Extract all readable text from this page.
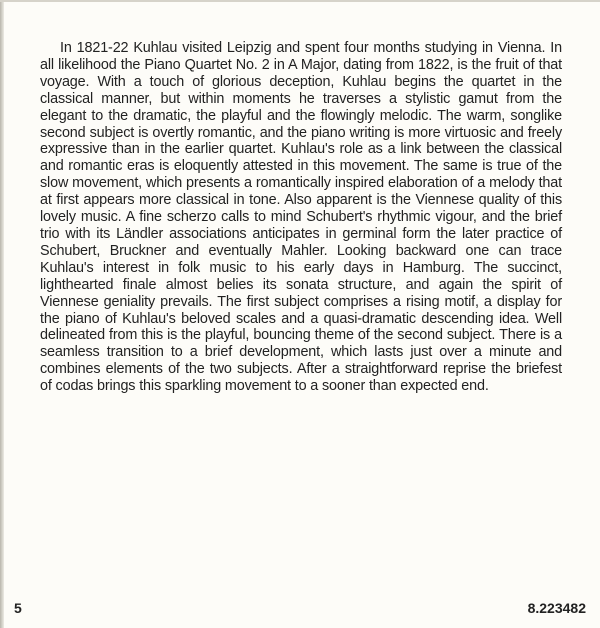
In 1821-22 Kuhlau visited Leipzig and spent four months studying in Vienna. In all likelihood the Piano Quartet No. 2 in A Major, dating from 1822, is the fruit of that voyage. With a touch of glorious deception, Kuhlau begins the quartet in the classical manner, but within moments he traverses a stylistic gamut from the elegant to the dramatic, the playful and the flowingly melodic. The warm, songlike second subject is overtly romantic, and the piano writing is more virtuosic and freely expressive than in the earlier quartet. Kuhlau's role as a link between the classical and romantic eras is eloquently attested in this movement. The same is true of the slow movement, which presents a romantically inspired elaboration of a melody that at first appears more classical in tone. Also apparent is the Viennese quality of this lovely music. A fine scherzo calls to mind Schubert's rhythmic vigour, and the brief trio with its Ländler associations anticipates in germinal form the later practice of Schubert, Bruckner and eventually Mahler. Looking backward one can trace Kuhlau's interest in folk music to his early days in Hamburg. The succinct, lighthearted finale almost belies its sonata structure, and again the spirit of Viennese geniality prevails. The first subject comprises a rising motif, a display for the piano of Kuhlau's beloved scales and a quasi-dramatic descending idea. Well delineated from this is the playful, bouncing theme of the second subject. There is a seamless transition to a brief development, which lasts just over a minute and combines elements of the two subjects. After a straightforward reprise the briefest of codas brings this sparkling movement to a sooner than expected end.

5	8.223482
